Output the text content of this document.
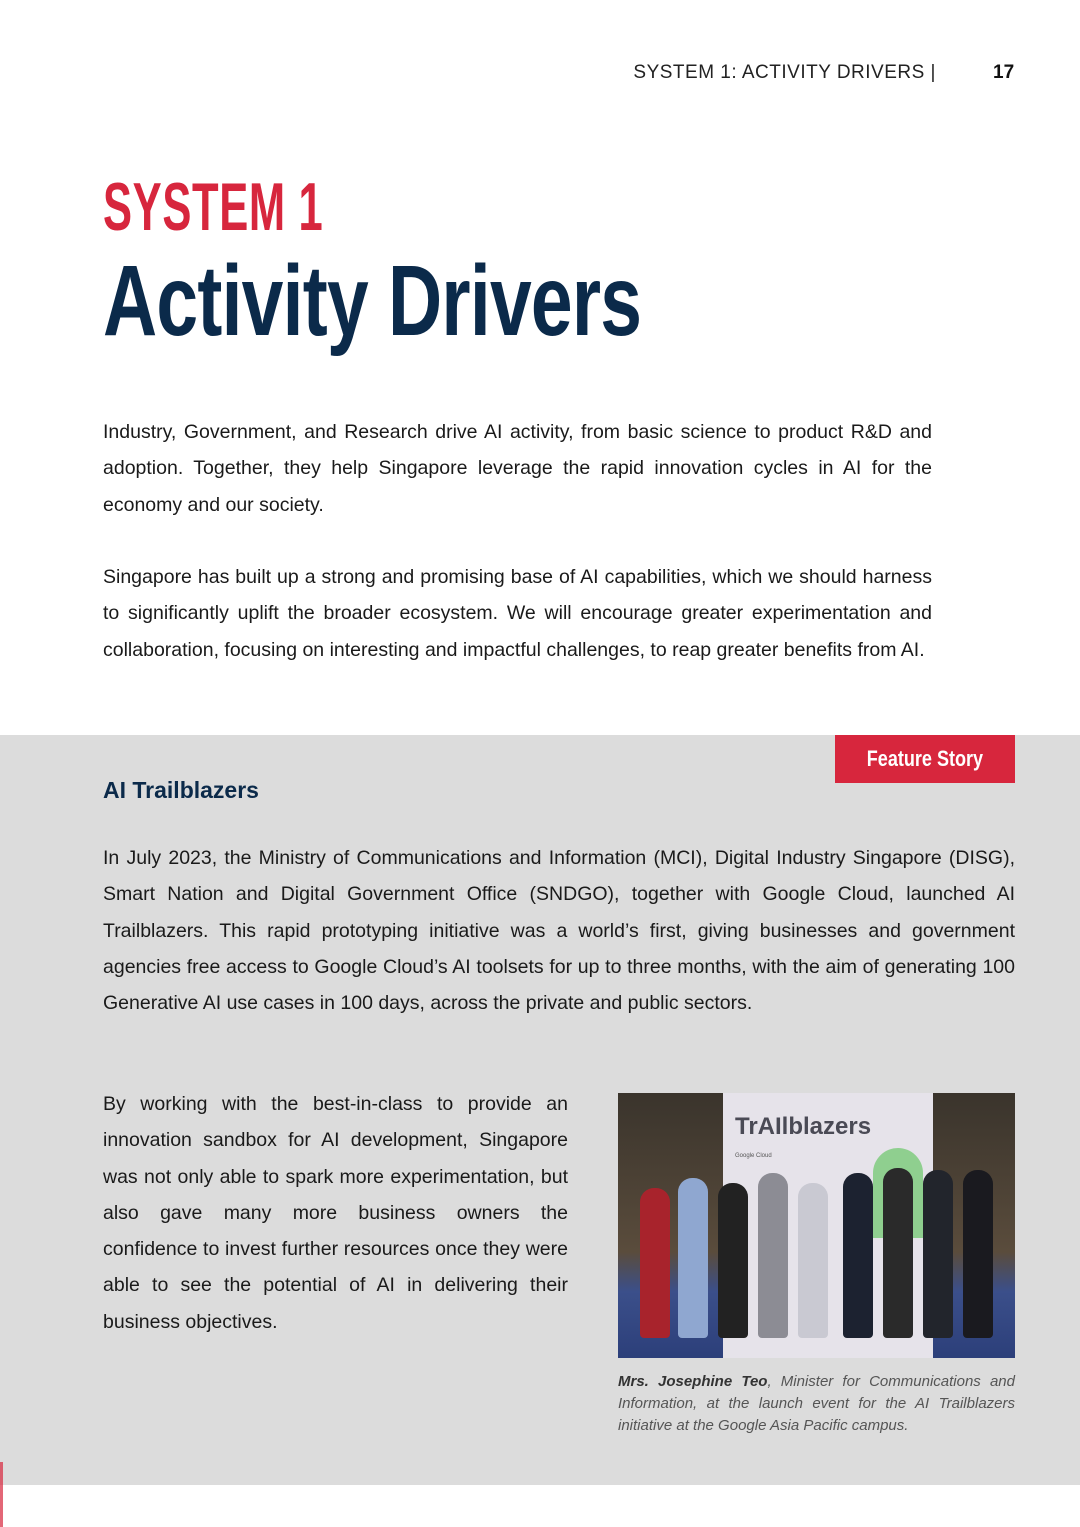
SYSTEM 1: ACTIVITY DRIVERS |	17
SYSTEM 1
Activity Drivers

Industry, Government, and Research drive AI activity, from basic science to product R&D and adoption. Together, they help Singapore leverage the rapid innovation cycles in AI for the economy and our society.

Singapore has built up a strong and promising base of AI capabilities, which we should harness to significantly uplift the broader ecosystem. We will encourage greater experimentation and collaboration, focusing on interesting and impactful challenges, to reap greater benefits from AI.

Feature Story
AI Trailblazers

In July 2023, the Ministry of Communications and Information (MCI), Digital Industry Singapore (DISG), Smart Nation and Digital Government Office (SNDGO), together with Google Cloud, launched AI Trailblazers. This rapid prototyping initiative was a world’s first, giving businesses and government agencies free access to Google Cloud’s AI toolsets for up to three months, with the aim of generating 100 Generative AI use cases in 100 days, across the private and public sectors.

By working with the best-in-class to provide an innovation sandbox for AI development, Singapore was not only able to spark more experimentation, but also gave many more business owners the confidence to invest further resources once they were able to see the potential of AI in delivering their business objectives.

TrAIlblazers
Google Cloud

Mrs. Josephine Teo, Minister for Communications and Information, at the launch event for the AI Trailblazers initiative at the Google Asia Pacific campus.
